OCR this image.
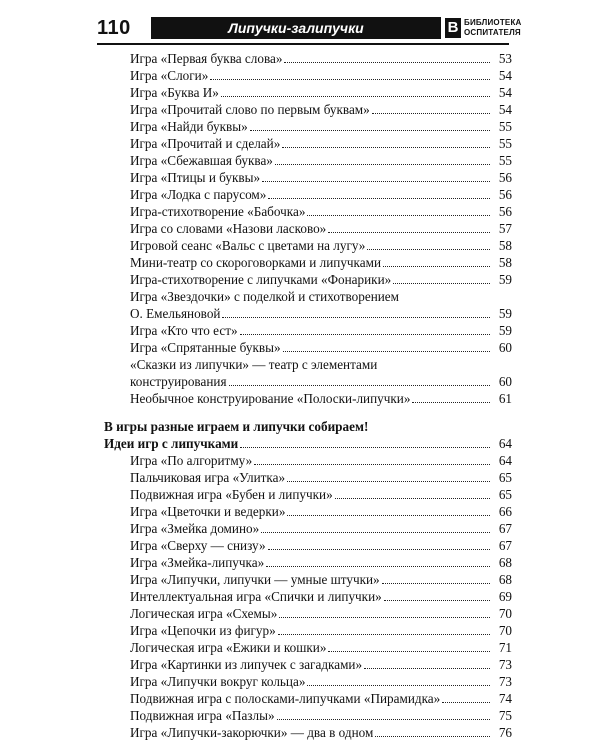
110	Липучки-залипучки	В БИБЛИОТЕКА
ОСПИТАТЕЛЯ
Игра «Первая буква слова»	53
Игра «Слоги»	54
Игра «Буква И»	54
Игра «Прочитай слово по первым буквам»	54
Игра «Найди буквы»	55
Игра «Прочитай и сделай»	55
Игра «Сбежавшая буква»	55
Игра «Птицы и буквы»	56
Игра «Лодка с парусом»	56
Игра-стихотворение «Бабочка»	56
Игра со словами «Назови ласково»	57
Игровой сеанс «Вальс с цветами на лугу»	58
Мини-театр со скороговорками и липучками	58
Игра-стихотворение с липучками «Фонарики»	59
Игра «Звездочки» с поделкой и стихотворением
О. Емельяновой	59
Игра «Кто что ест»	59
Игра «Спрятанные буквы»	60
«Сказки из липучки» — театр с элементами
конструирования	60
Необычное конструирование «Полоски-липучки»	61
В игры разные играем и липучки собираем!
Идеи игр с липучками	64
Игра «По алгоритму»	64
Пальчиковая игра «Улитка»	65
Подвижная игра «Бубен и липучки»	65
Игра «Цветочки и ведерки»	66
Игра «Змейка домино»	67
Игра «Сверху — снизу»	67
Игра «Змейка-липучка»	68
Игра «Липучки, липучки — умные штучки»	68
Интеллектуальная игра «Спички и липучки»	69
Логическая игра «Схемы»	70
Игра «Цепочки из фигур»	70
Логическая игра «Ежики и кошки»	71
Игра «Картинки из липучек с загадками»	73
Игра «Липучки вокруг кольца»	73
Подвижная игра с полосками-липучками «Пирамидка»	74
Подвижная игра «Пазлы»	75
Игра «Липучки-закорючки» — два в одном	76
